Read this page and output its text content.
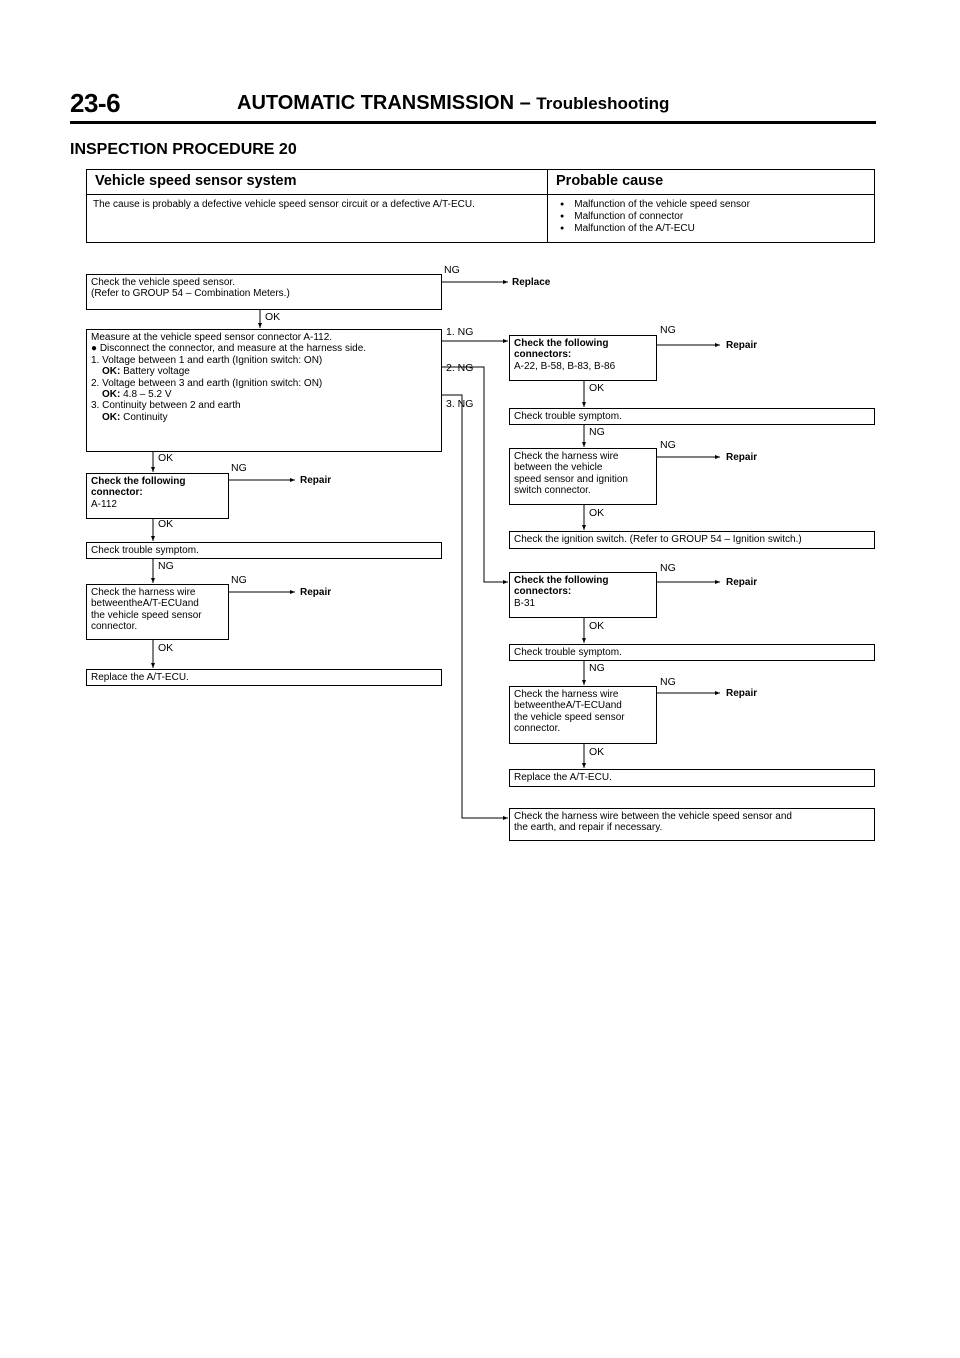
23-6	AUTOMATIC TRANSMISSION – Troubleshooting
INSPECTION PROCEDURE 20
Vehicle speed sensor system
The cause is probably a defective vehicle speed sensor circuit or a defective A/T-ECU.
Probable cause
● Malfunction of the vehicle speed sensor
● Malfunction of connector
● Malfunction of the A/T-ECU
Check the vehicle speed sensor.
(Refer to GROUP 54 – Combination Meters.)
NG
Replace
OK
Measure at the vehicle speed sensor connector A-112.
● Disconnect the connector, and measure at the harness side.
1. Voltage between 1 and earth (Ignition switch: ON)
OK: Battery voltage
2. Voltage between 3 and earth (Ignition switch: ON)
OK: 4.8 – 5.2 V
3. Continuity between 2 and earth
OK: Continuity
1. NG
2. NG
3. NG
OK
Check the following
connector:
A-112
NG
Repair
OK
Check trouble symptom.
NG
Check the harness wire
betweentheA/T-ECUand
the vehicle speed sensor
connector.
NG
Repair
OK
Replace the A/T-ECU.
Check the following
connectors:
A-22, B-58, B-83, B-86
NG
Repair
OK
Check trouble symptom.
NG
Check the harness wire
between the vehicle
speed sensor and ignition
switch connector.
NG
Repair
OK
Check the ignition switch. (Refer to GROUP 54 – Ignition switch.)
Check the following
connectors:
B-31
NG
Repair
OK
Check trouble symptom.
NG
Check the harness wire
betweentheA/T-ECUand
the vehicle speed sensor
connector.
NG
Repair
OK
Replace the A/T-ECU.
Check the harness wire between the vehicle speed sensor and
the earth, and repair if necessary.
